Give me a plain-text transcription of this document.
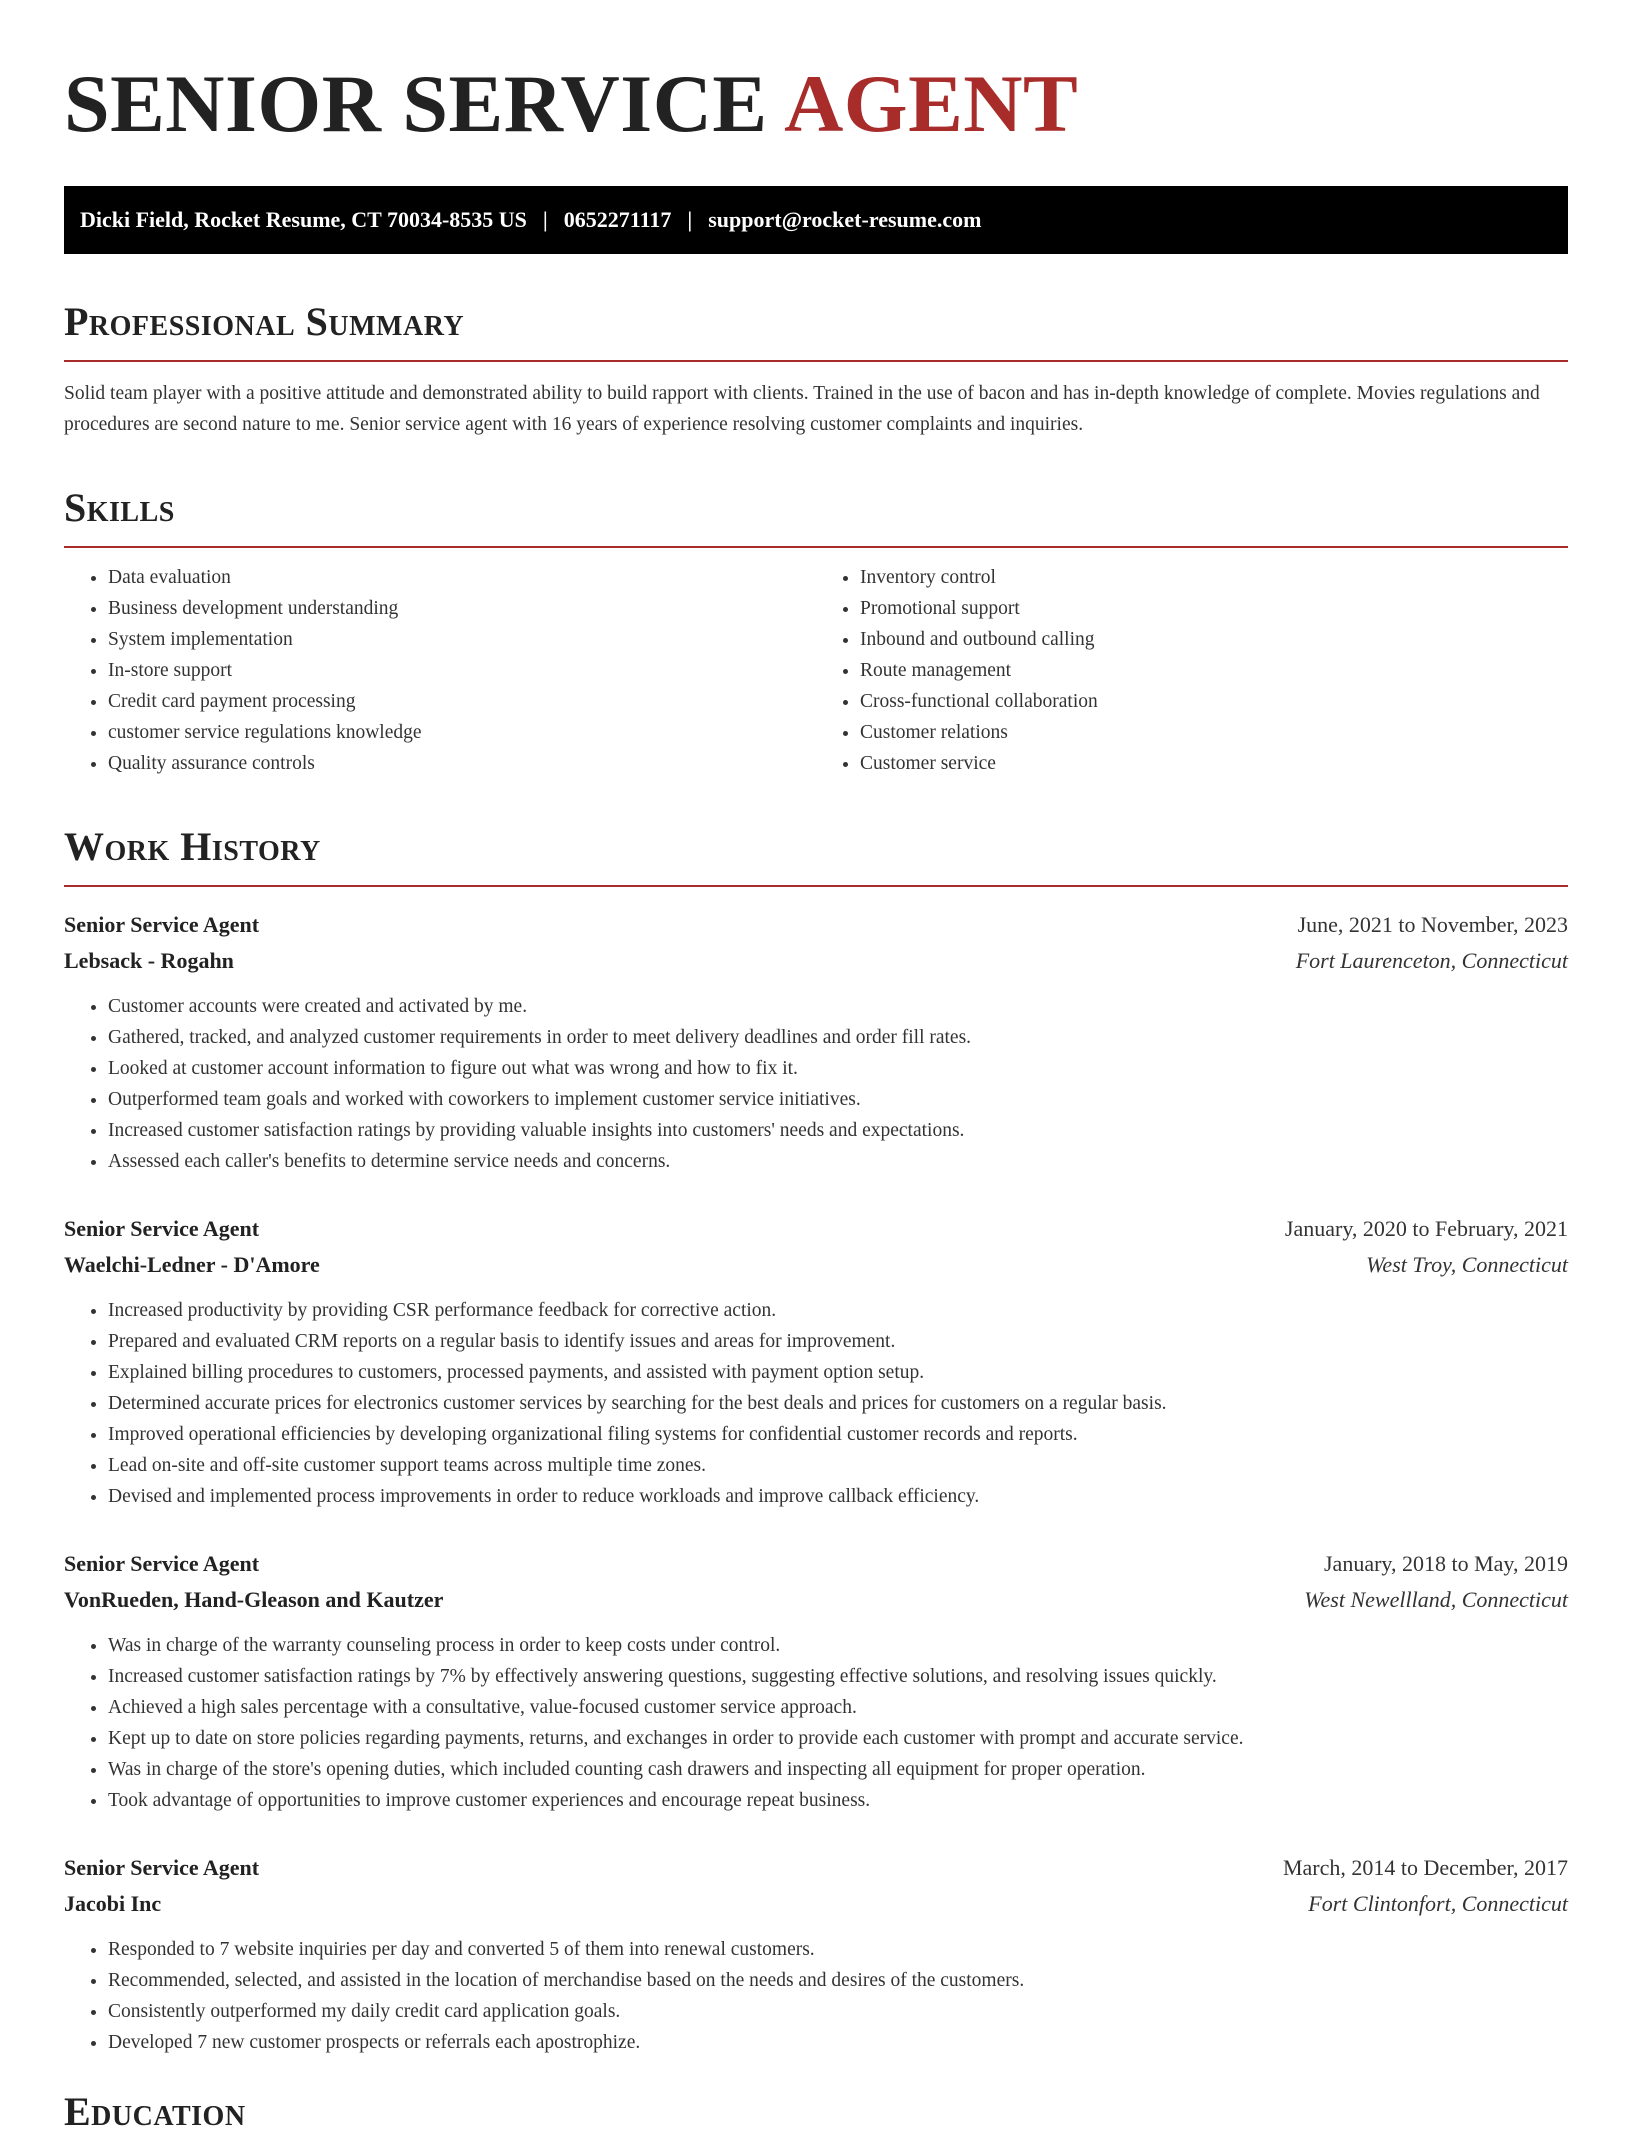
SENIOR SERVICE AGENT
Dicki Field, Rocket Resume, CT 70034-8535 US | 0652271117 | support@rocket-resume.com
Professional Summary

Solid team player with a positive attitude and demonstrated ability to build rapport with clients. Trained in the use of bacon and has in-depth knowledge of complete. Movies regulations and procedures are second nature to me. Senior service agent with 16 years of experience resolving customer complaints and inquiries.

Skills
• Data evaluation
• Business development understanding
• System implementation
• In-store support
• Credit card payment processing
• customer service regulations knowledge
• Quality assurance controls
• Inventory control
• Promotional support
• Inbound and outbound calling
• Route management
• Cross-functional collaboration
• Customer relations
• Customer service
Work History
Senior Service Agent	June, 2021 to November, 2023
Lebsack - Rogahn	Fort Laurenceton, Connecticut
• Customer accounts were created and activated by me.
• Gathered, tracked, and analyzed customer requirements in order to meet delivery deadlines and order fill rates.
• Looked at customer account information to figure out what was wrong and how to fix it.
• Outperformed team goals and worked with coworkers to implement customer service initiatives.
• Increased customer satisfaction ratings by providing valuable insights into customers' needs and expectations.
• Assessed each caller's benefits to determine service needs and concerns.
Senior Service Agent	January, 2020 to February, 2021
Waelchi-Ledner - D'Amore	West Troy, Connecticut
• Increased productivity by providing CSR performance feedback for corrective action.
• Prepared and evaluated CRM reports on a regular basis to identify issues and areas for improvement.
• Explained billing procedures to customers, processed payments, and assisted with payment option setup.
• Determined accurate prices for electronics customer services by searching for the best deals and prices for customers on a regular basis.
• Improved operational efficiencies by developing organizational filing systems for confidential customer records and reports.
• Lead on-site and off-site customer support teams across multiple time zones.
• Devised and implemented process improvements in order to reduce workloads and improve callback efficiency.
Senior Service Agent	January, 2018 to May, 2019
VonRueden, Hand-Gleason and Kautzer	West Newellland, Connecticut
• Was in charge of the warranty counseling process in order to keep costs under control.
• Increased customer satisfaction ratings by 7% by effectively answering questions, suggesting effective solutions, and resolving issues quickly.
• Achieved a high sales percentage with a consultative, value-focused customer service approach.
• Kept up to date on store policies regarding payments, returns, and exchanges in order to provide each customer with prompt and accurate service.
• Was in charge of the store's opening duties, which included counting cash drawers and inspecting all equipment for proper operation.
• Took advantage of opportunities to improve customer experiences and encourage repeat business.
Senior Service Agent	March, 2014 to December, 2017
Jacobi Inc	Fort Clintonfort, Connecticut
• Responded to 7 website inquiries per day and converted 5 of them into renewal customers.
• Recommended, selected, and assisted in the location of merchandise based on the needs and desires of the customers.
• Consistently outperformed my daily credit card application goals.
• Developed 7 new customer prospects or referrals each apostrophize.
Education
